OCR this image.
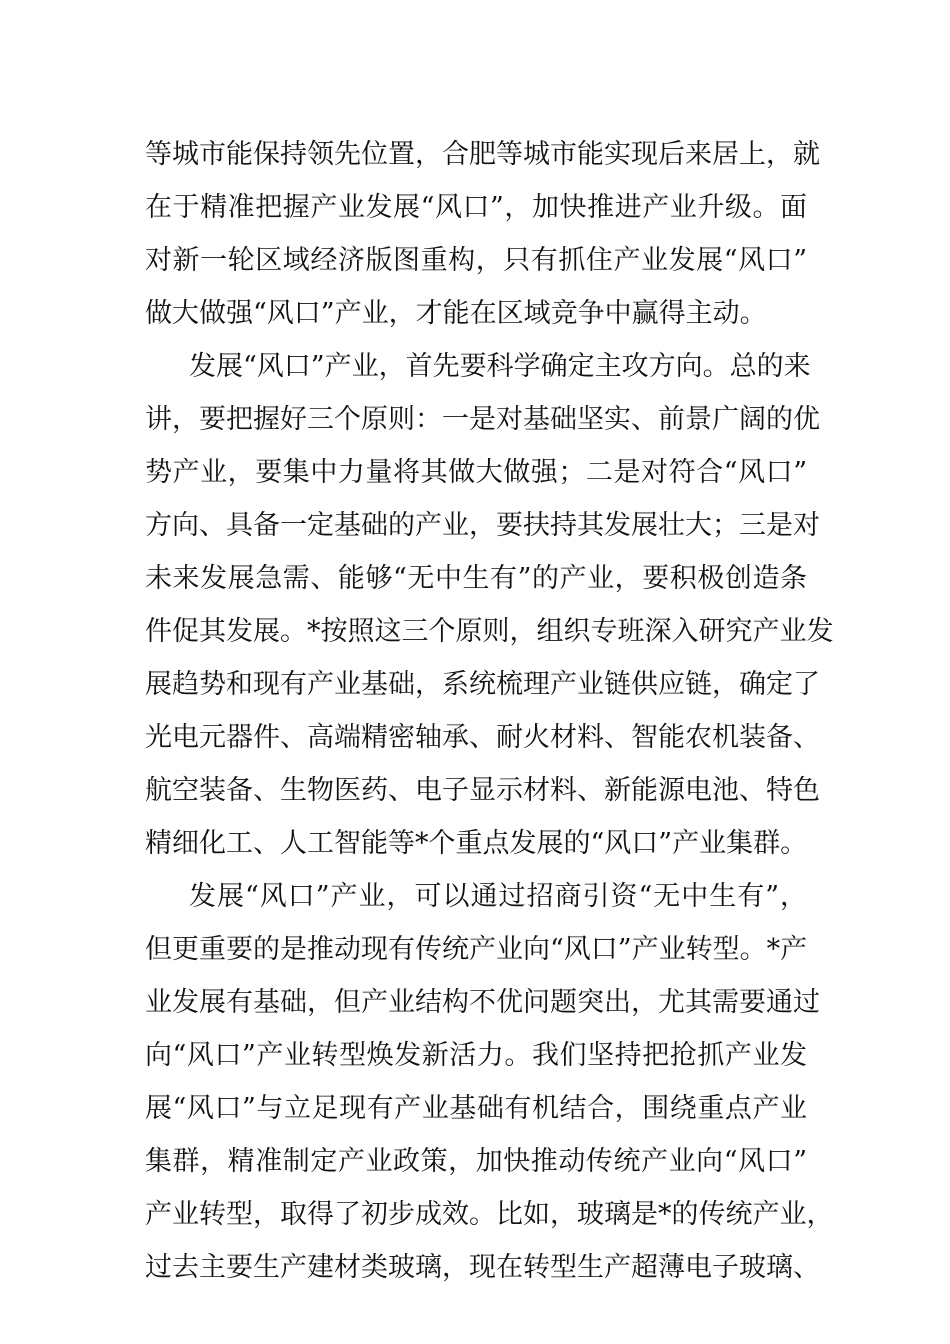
等城市能保持领先位置，合肥等城市能实现后来居上，就
在于精准把握产业发展“风口”，加快推进产业升级。面
对新一轮区域经济版图重构，只有抓住产业发展“风口”
做大做强“风口”产业，才能在区域竞争中赢得主动。
发展“风口”产业，首先要科学确定主攻方向。总的来
讲，要把握好三个原则：一是对基础坚实、前景广阔的优
势产业，要集中力量将其做大做强；二是对符合“风口”
方向、具备一定基础的产业，要扶持其发展壮大；三是对
未来发展急需、能够“无中生有”的产业，要积极创造条
件促其发展。*按照这三个原则，组织专班深入研究产业发
展趋势和现有产业基础，系统梳理产业链供应链，确定了
光电元器件、高端精密轴承、耐火材料、智能农机装备、
航空装备、生物医药、电子显示材料、新能源电池、特色
精细化工、人工智能等*个重点发展的“风口”产业集群。
发展“风口”产业，可以通过招商引资“无中生有”，
但更重要的是推动现有传统产业向“风口”产业转型。*产
业发展有基础，但产业结构不优问题突出，尤其需要通过
向“风口”产业转型焕发新活力。我们坚持把抢抓产业发
展“风口”与立足现有产业基础有机结合，围绕重点产业
集群，精准制定产业政策，加快推动传统产业向“风口”
产业转型，取得了初步成效。比如，玻璃是*的传统产业，
过去主要生产建材类玻璃，现在转型生产超薄电子玻璃、
